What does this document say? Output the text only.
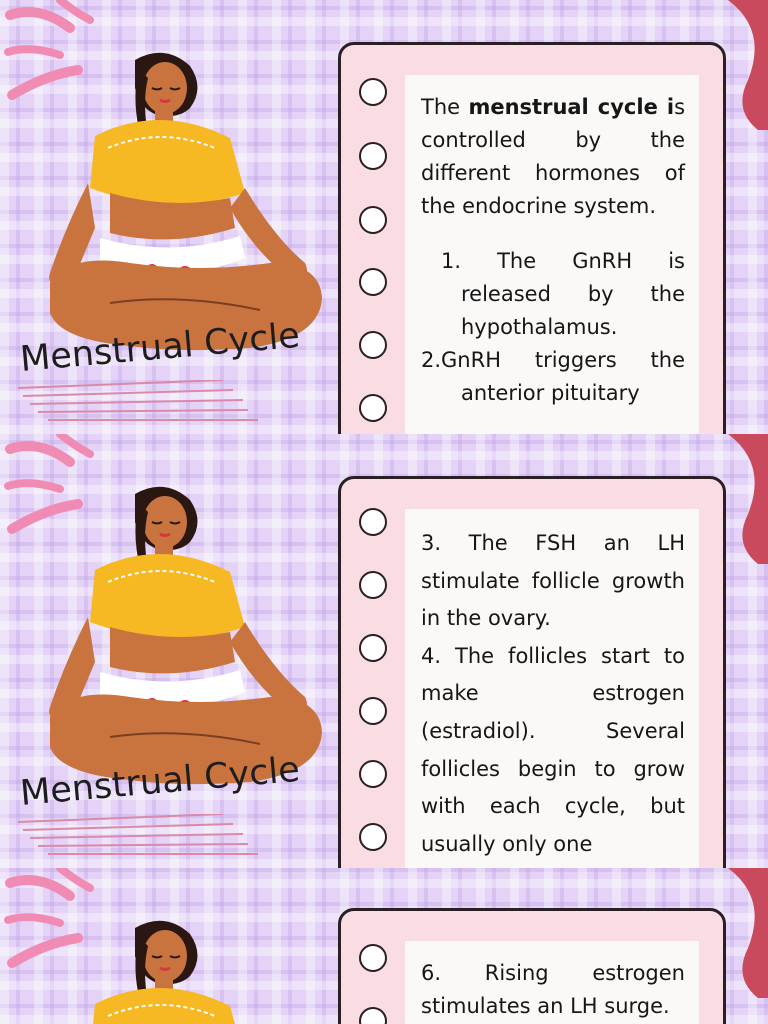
Menstrual Cycle

The menstrual cycle is controlled by the different hormones of the endocrine system.

1. The GnRH is released by the hypothalamus.

2.GnRH triggers the anterior pituitary

Menstrual Cycle

3. The FSH an LH stimulate follicle growth in the ovary.

4. The follicles start to make estrogen (estradiol). Several follicles begin to grow with each cycle, but usually only one

6. Rising estrogen stimulates an LH surge.
